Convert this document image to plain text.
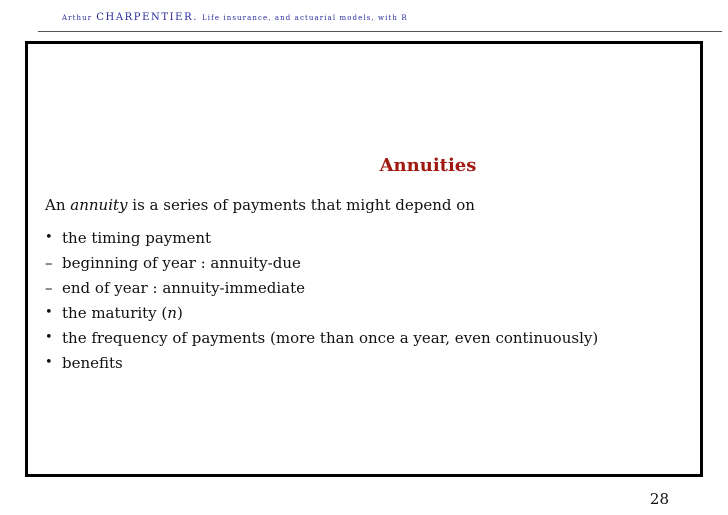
Arthur CHARPENTIER. Life insurance, and actuarial models, with R
Annuities
An annuity is a series of payments that might depend on
• the timing payment
– beginning of year : annuity-due
– end of year : annuity-immediate
• the maturity (n)
• the frequency of payments (more than once a year, even continuously)
• benefits
28
